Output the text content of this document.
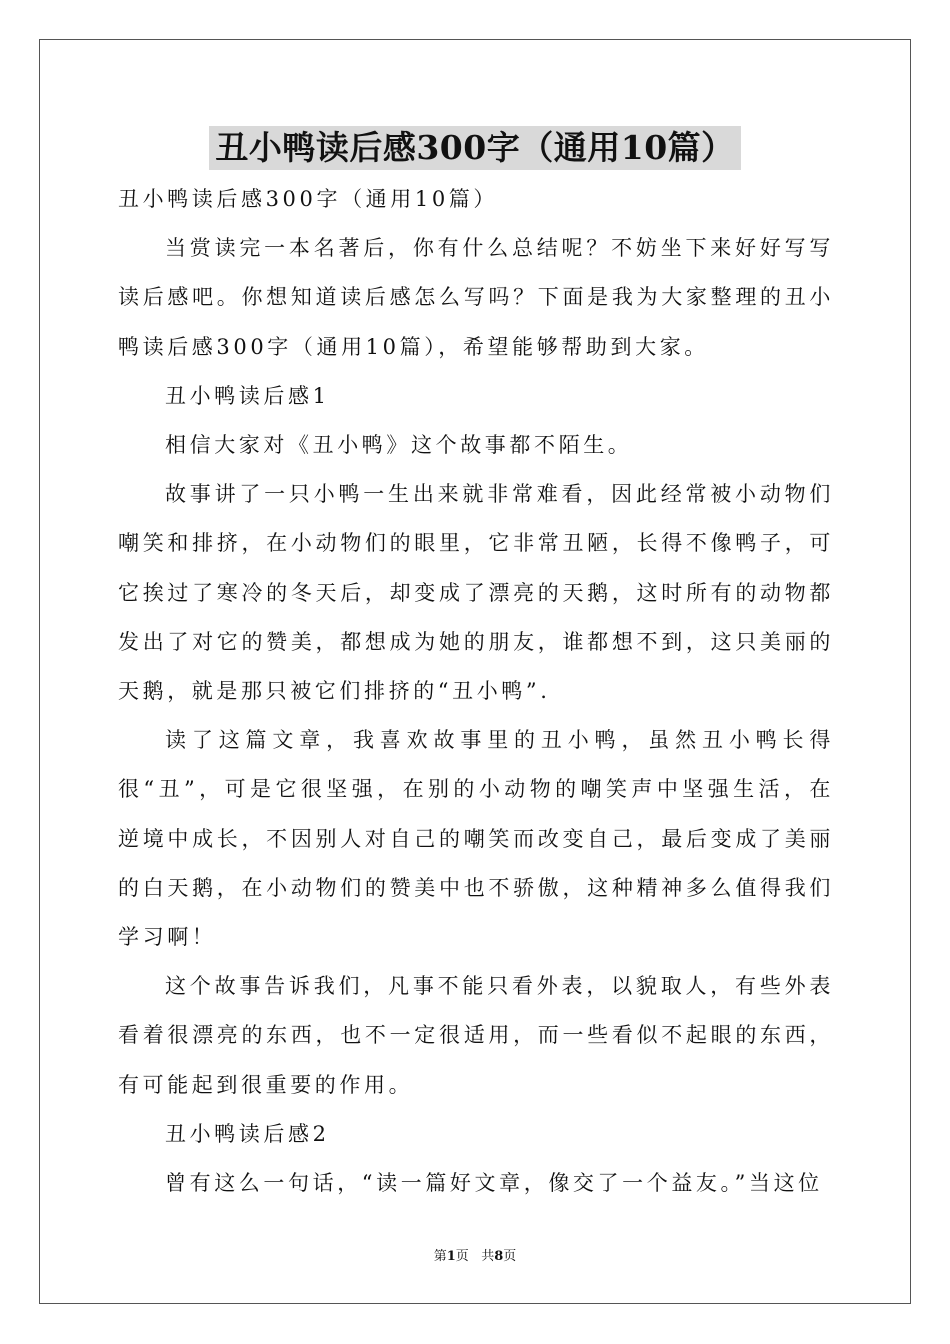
丑小鸭读后感300字（通用10篇）

丑小鸭读后感300字（通用10篇）

当赏读完一本名著后，你有什么总结呢？不妨坐下来好好写写读后感吧。你想知道读后感怎么写吗？下面是我为大家整理的丑小鸭读后感300字（通用10篇），希望能够帮助到大家。

丑小鸭读后感1

相信大家对《丑小鸭》这个故事都不陌生。

故事讲了一只小鸭一生出来就非常难看，因此经常被小动物们嘲笑和排挤，在小动物们的眼里，它非常丑陋，长得不像鸭子，可它挨过了寒冷的冬天后，却变成了漂亮的天鹅，这时所有的动物都发出了对它的赞美，都想成为她的朋友，谁都想不到，这只美丽的天鹅，就是那只被它们排挤的“丑小鸭”.

读了这篇文章，我喜欢故事里的丑小鸭，虽然丑小鸭长得很“丑”，可是它很坚强，在别的小动物的嘲笑声中坚强生活，在逆境中成长，不因别人对自己的嘲笑而改变自己，最后变成了美丽的白天鹅，在小动物们的赞美中也不骄傲，这种精神多么值得我们学习啊！

这个故事告诉我们，凡事不能只看外表，以貌取人，有些外表看着很漂亮的东西，也不一定很适用，而一些看似不起眼的东西，有可能起到很重要的作用。

丑小鸭读后感2

曾有这么一句话，“读一篇好文章，像交了一个益友。”当这位

第1页 共8页
